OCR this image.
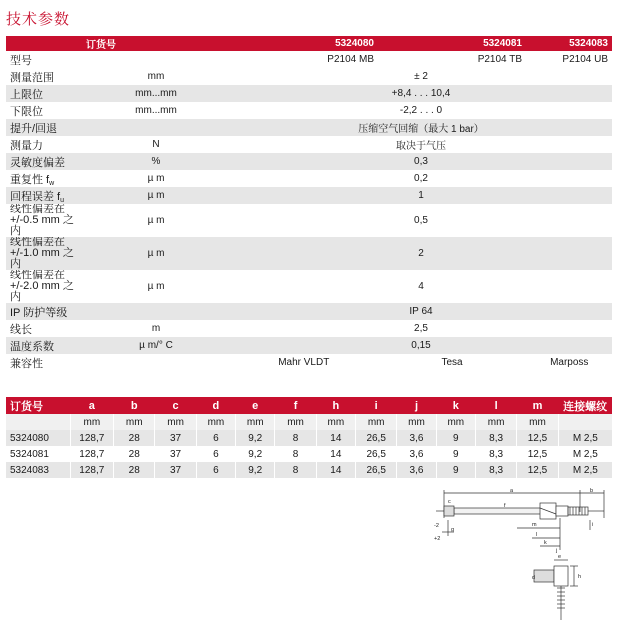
技术参数
	订货号	5324080	5324081	5324083
型号		P2104 MB	P2104 TB	P2104 UB
测量范围	mm	± 2		
上限位	mm...mm	+8,4 . . . 10,4		
下限位	mm...mm	-2,2 . . . 0		
提升/回退		压缩空气回缩（最大 1 bar）		
测量力	N	取决于气压		
灵敏度偏差	%	0,3		
重复性 $f_w$	µ m	0,2		
回程误差 $f_u$	µ m	1		
线性偏差在 +/-0.5 mm 之内	µ m	0,5		
线性偏差在 +/-1.0 mm 之内	µ m	2		
线性偏差在 +/-2.0 mm 之内	µ m	4		
IP 防护等级		IP 64		
线长	m	2,5		
温度系数	µ m/° C	0,15		
兼容性		Mahr VLDT	Tesa	Marposs
订货号	a	b	c	d	e	f	h	i	j	k	l	m	连接螺纹
	mm	mm	mm	mm	mm	mm	mm	mm	mm	mm	mm	mm	
5324080	128,7	28	37	6	9,2	8	14	26,5	3,6	9	8,3	12,5	M 2,5
5324081	128,7	28	37	6	9,2	8	14	26,5	3,6	9	8,3	12,5	M 2,5
5324083	128,7	28	37	6	9,2	8	14	26,5	3,6	9	8,3	12,5	M 2,5
a	b
c
-2
+2
g
f
m
l
k
i
j
e
h
d
